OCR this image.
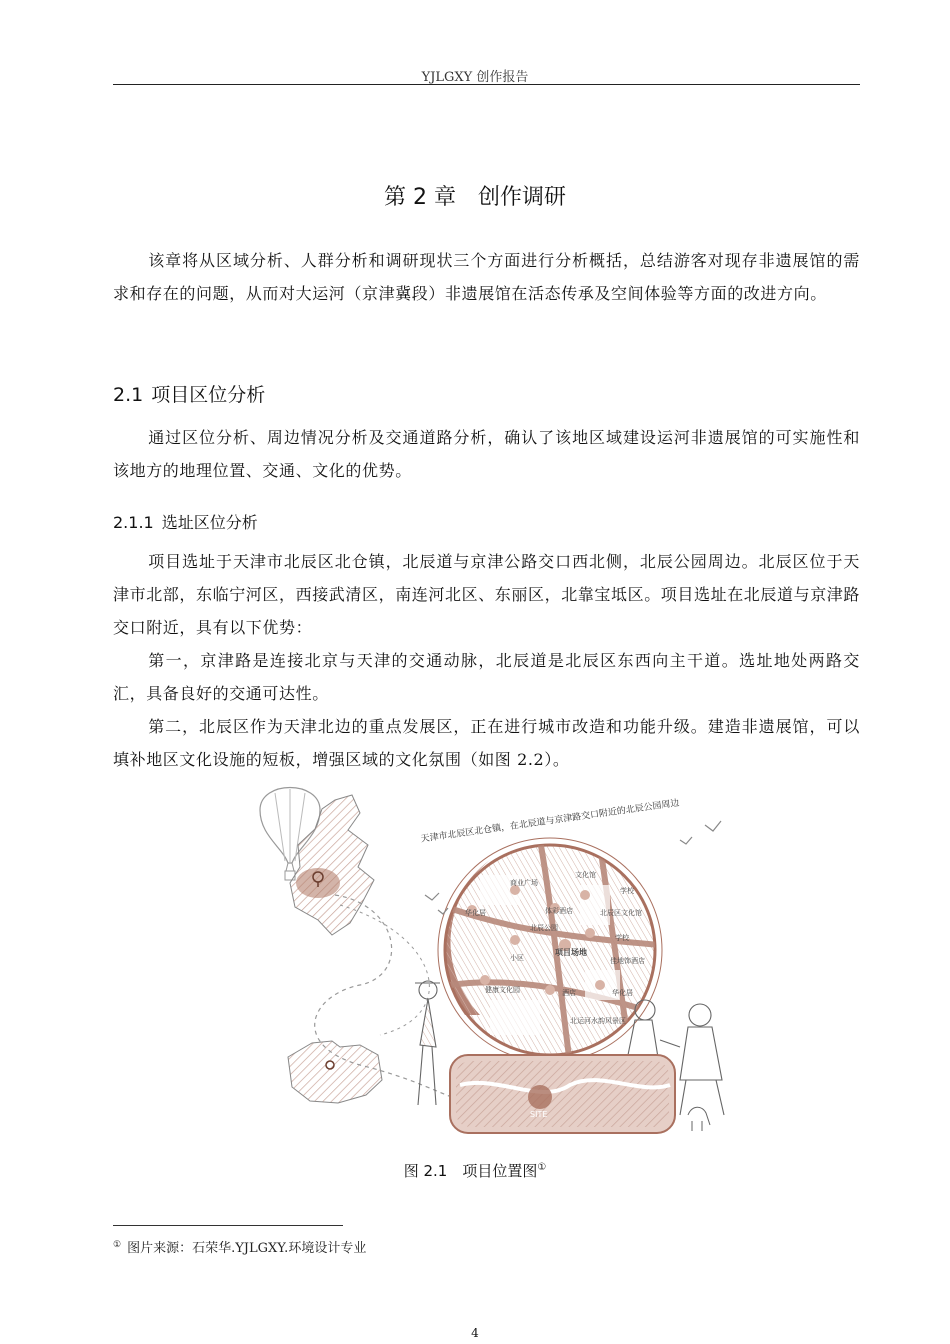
YJLGXY 创作报告
第 2 章　创作调研

该章将从区域分析、人群分析和调研现状三个方面进行分析概括，总结游客对现存非遗展馆的需求和存在的问题，从而对大运河（京津冀段）非遗展馆在活态传承及空间体验等方面的改进方向。

2.1 项目区位分析

通过区位分析、周边情况分析及交通道路分析，确认了该地区域建设运河非遗展馆的可实施性和该地方的地理位置、交通、文化的优势。

2.1.1 选址区位分析

项目选址于天津市北辰区北仓镇，北辰道与京津公路交口西北侧，北辰公园周边。北辰区位于天津市北部，东临宁河区，西接武清区，南连河北区、东丽区，北靠宝坻区。项目选址在北辰道与京津路交口附近，具有以下优势：

第一，京津路是连接北京与天津的交通动脉，北辰道是北辰区东西向主干道。选址地处两路交汇，具备良好的交通可达性。

第二，北辰区作为天津北边的重点发展区，正在进行城市改造和功能升级。建造非遗展馆，可以填补地区文化设施的短板，增强区域的文化氛围（如图 2.2）。

商业广场
文化馆
学校
华化居	体彩酒店	北辰区文化馆
北辰公园
学校
小区
项目场地
佳地饰酒店
健康文化园	酒店	华化居
北运河水韵风景区
天津市北辰区北仓镇，在北辰道与京津路交口附近的北辰公园周边
SITE
图 2.1　项目位置图①
① 图片来源：石荣华.YJLGXY.环境设计专业
4
